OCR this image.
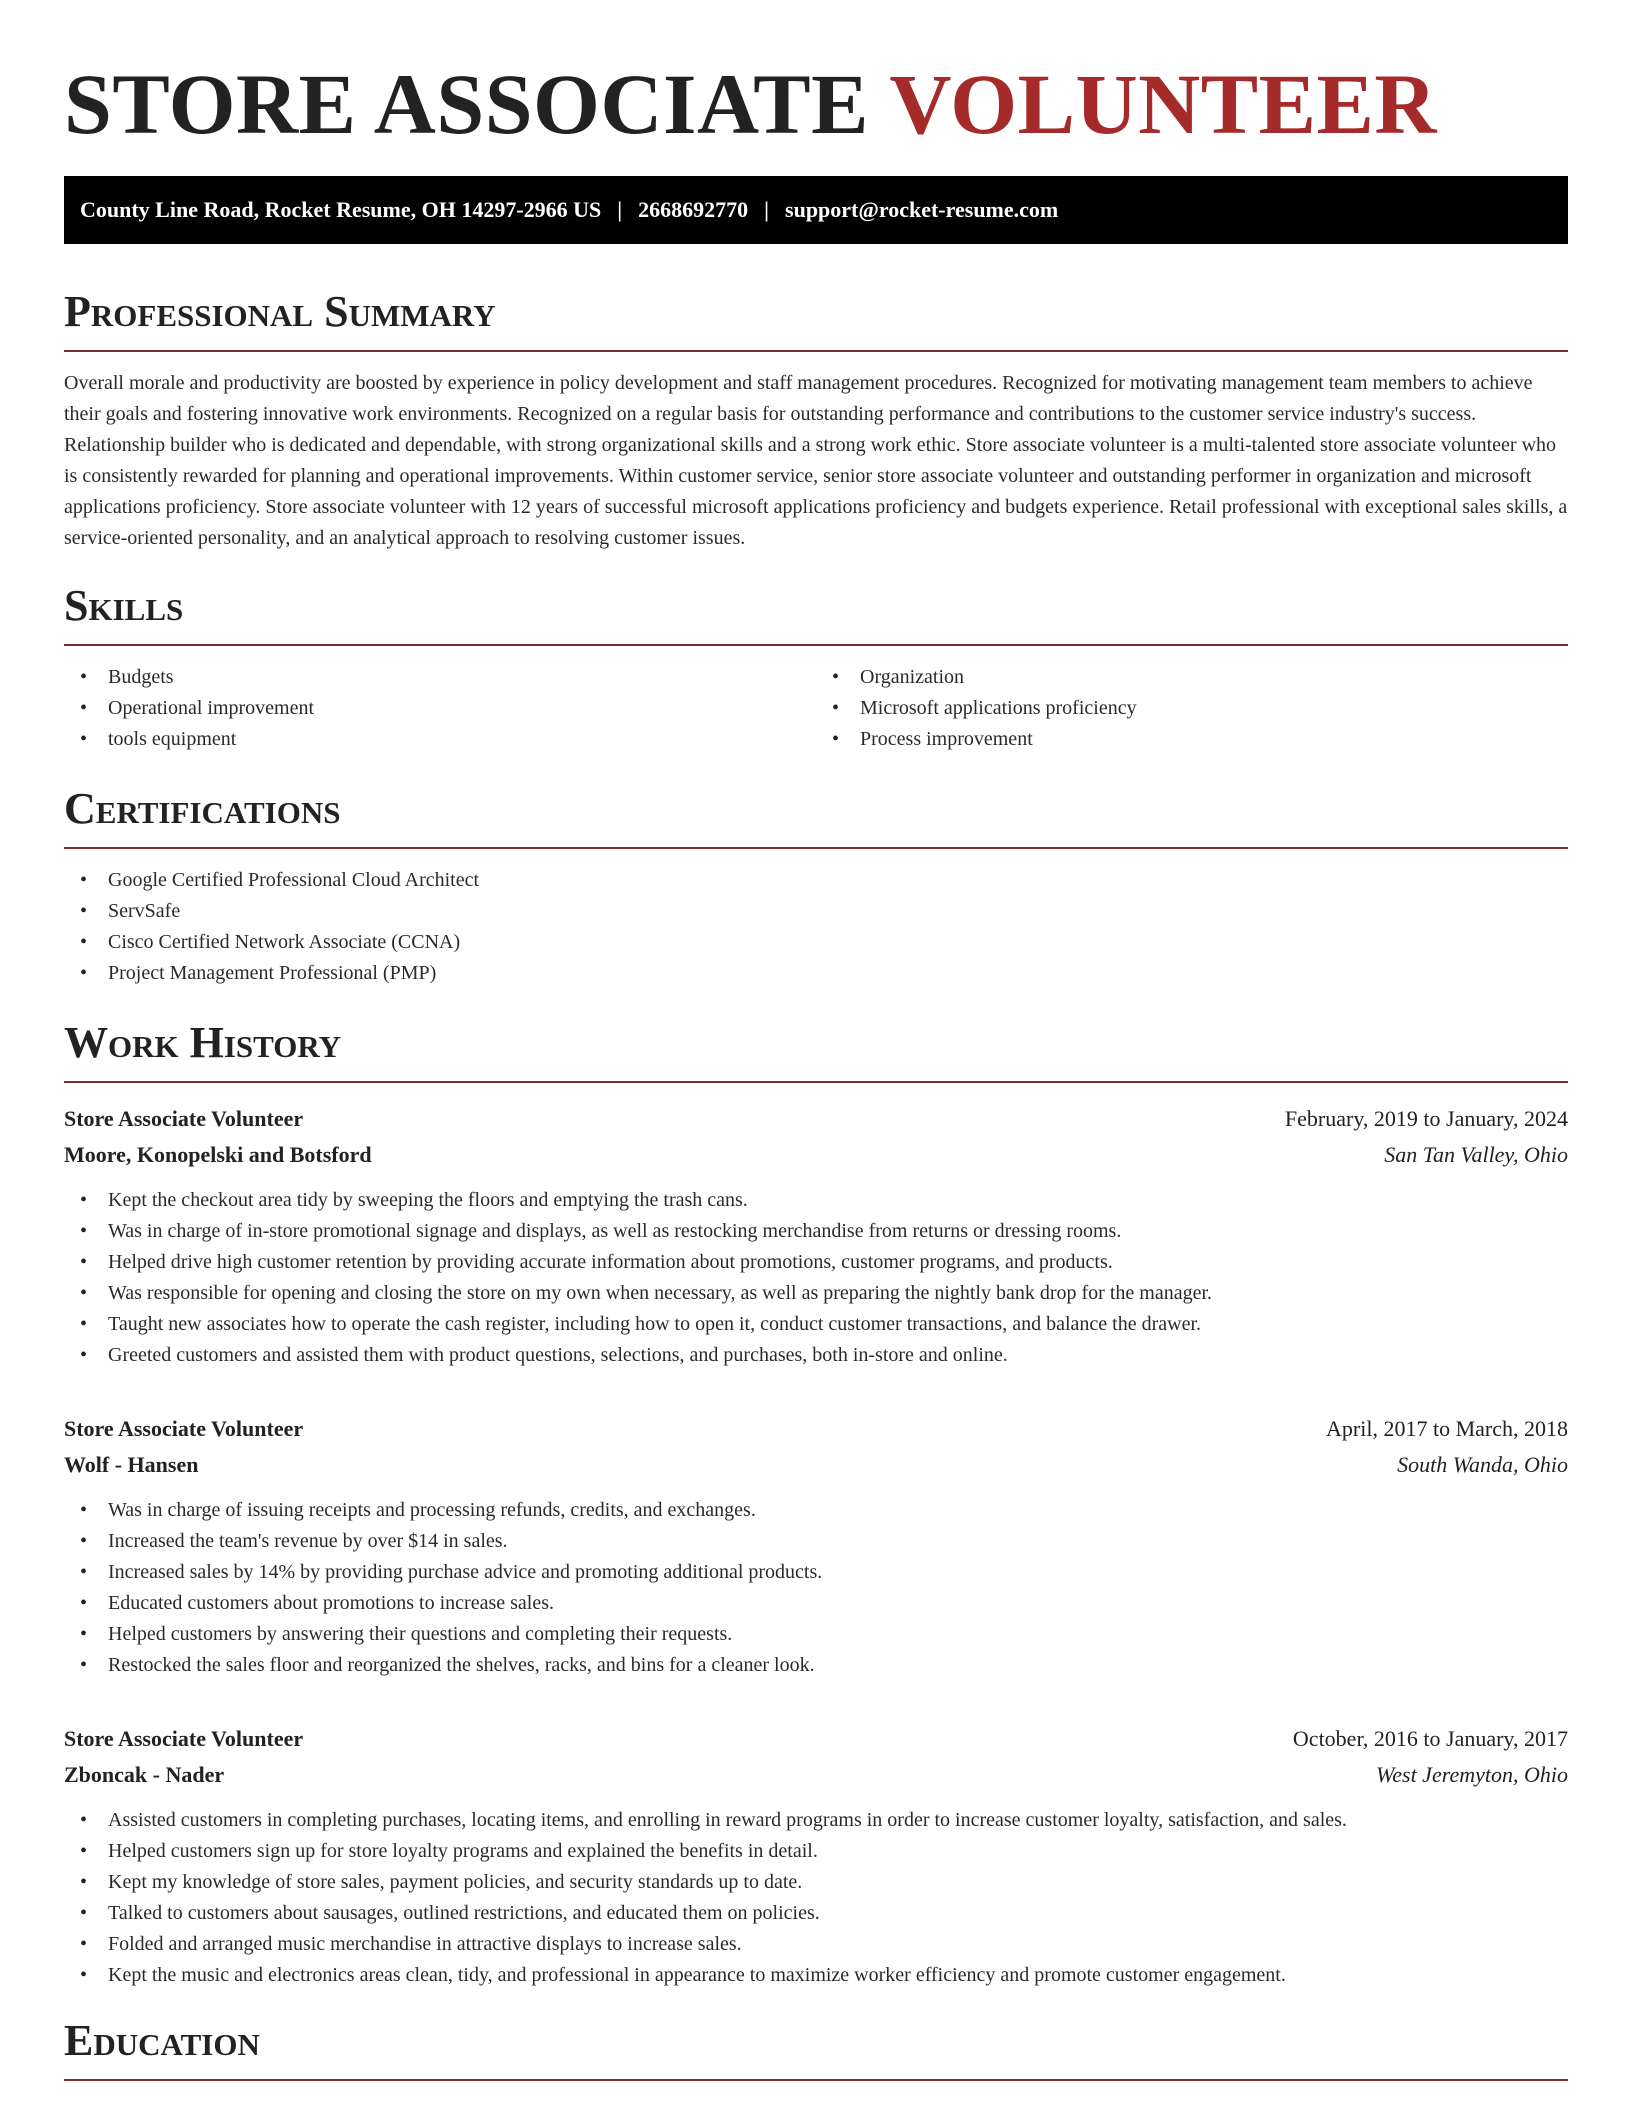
STORE ASSOCIATE VOLUNTEER
County Line Road, Rocket Resume, OH 14297-2966 US | 2668692770 | support@rocket-resume.com
Professional Summary

Overall morale and productivity are boosted by experience in policy development and staff management procedures. Recognized for motivating management team members to achieve their goals and fostering innovative work environments. Recognized on a regular basis for outstanding performance and contributions to the customer service industry's success. Relationship builder who is dedicated and dependable, with strong organizational skills and a strong work ethic. Store associate volunteer is a multi-talented store associate volunteer who is consistently rewarded for planning and operational improvements. Within customer service, senior store associate volunteer and outstanding performer in organization and microsoft applications proficiency. Store associate volunteer with 12 years of successful microsoft applications proficiency and budgets experience. Retail professional with exceptional sales skills, a service-oriented personality, and an analytical approach to resolving customer issues.

Skills
• Budgets
• Operational improvement
• tools equipment
• Organization
• Microsoft applications proficiency
• Process improvement
Certifications
• Google Certified Professional Cloud Architect
• ServSafe
• Cisco Certified Network Associate (CCNA)
• Project Management Professional (PMP)
Work History
Store Associate Volunteer	February, 2019 to January, 2024
Moore, Konopelski and Botsford	San Tan Valley, Ohio
• Kept the checkout area tidy by sweeping the floors and emptying the trash cans.
• Was in charge of in-store promotional signage and displays, as well as restocking merchandise from returns or dressing rooms.
• Helped drive high customer retention by providing accurate information about promotions, customer programs, and products.
• Was responsible for opening and closing the store on my own when necessary, as well as preparing the nightly bank drop for the manager.
• Taught new associates how to operate the cash register, including how to open it, conduct customer transactions, and balance the drawer.
• Greeted customers and assisted them with product questions, selections, and purchases, both in-store and online.
Store Associate Volunteer	April, 2017 to March, 2018
Wolf - Hansen	South Wanda, Ohio
• Was in charge of issuing receipts and processing refunds, credits, and exchanges.
• Increased the team's revenue by over $14 in sales.
• Increased sales by 14% by providing purchase advice and promoting additional products.
• Educated customers about promotions to increase sales.
• Helped customers by answering their questions and completing their requests.
• Restocked the sales floor and reorganized the shelves, racks, and bins for a cleaner look.
Store Associate Volunteer	October, 2016 to January, 2017
Zboncak - Nader	West Jeremyton, Ohio
• Assisted customers in completing purchases, locating items, and enrolling in reward programs in order to increase customer loyalty, satisfaction, and sales.
• Helped customers sign up for store loyalty programs and explained the benefits in detail.
• Kept my knowledge of store sales, payment policies, and security standards up to date.
• Talked to customers about sausages, outlined restrictions, and educated them on policies.
• Folded and arranged music merchandise in attractive displays to increase sales.
• Kept the music and electronics areas clean, tidy, and professional in appearance to maximize worker efficiency and promote customer engagement.
Education
